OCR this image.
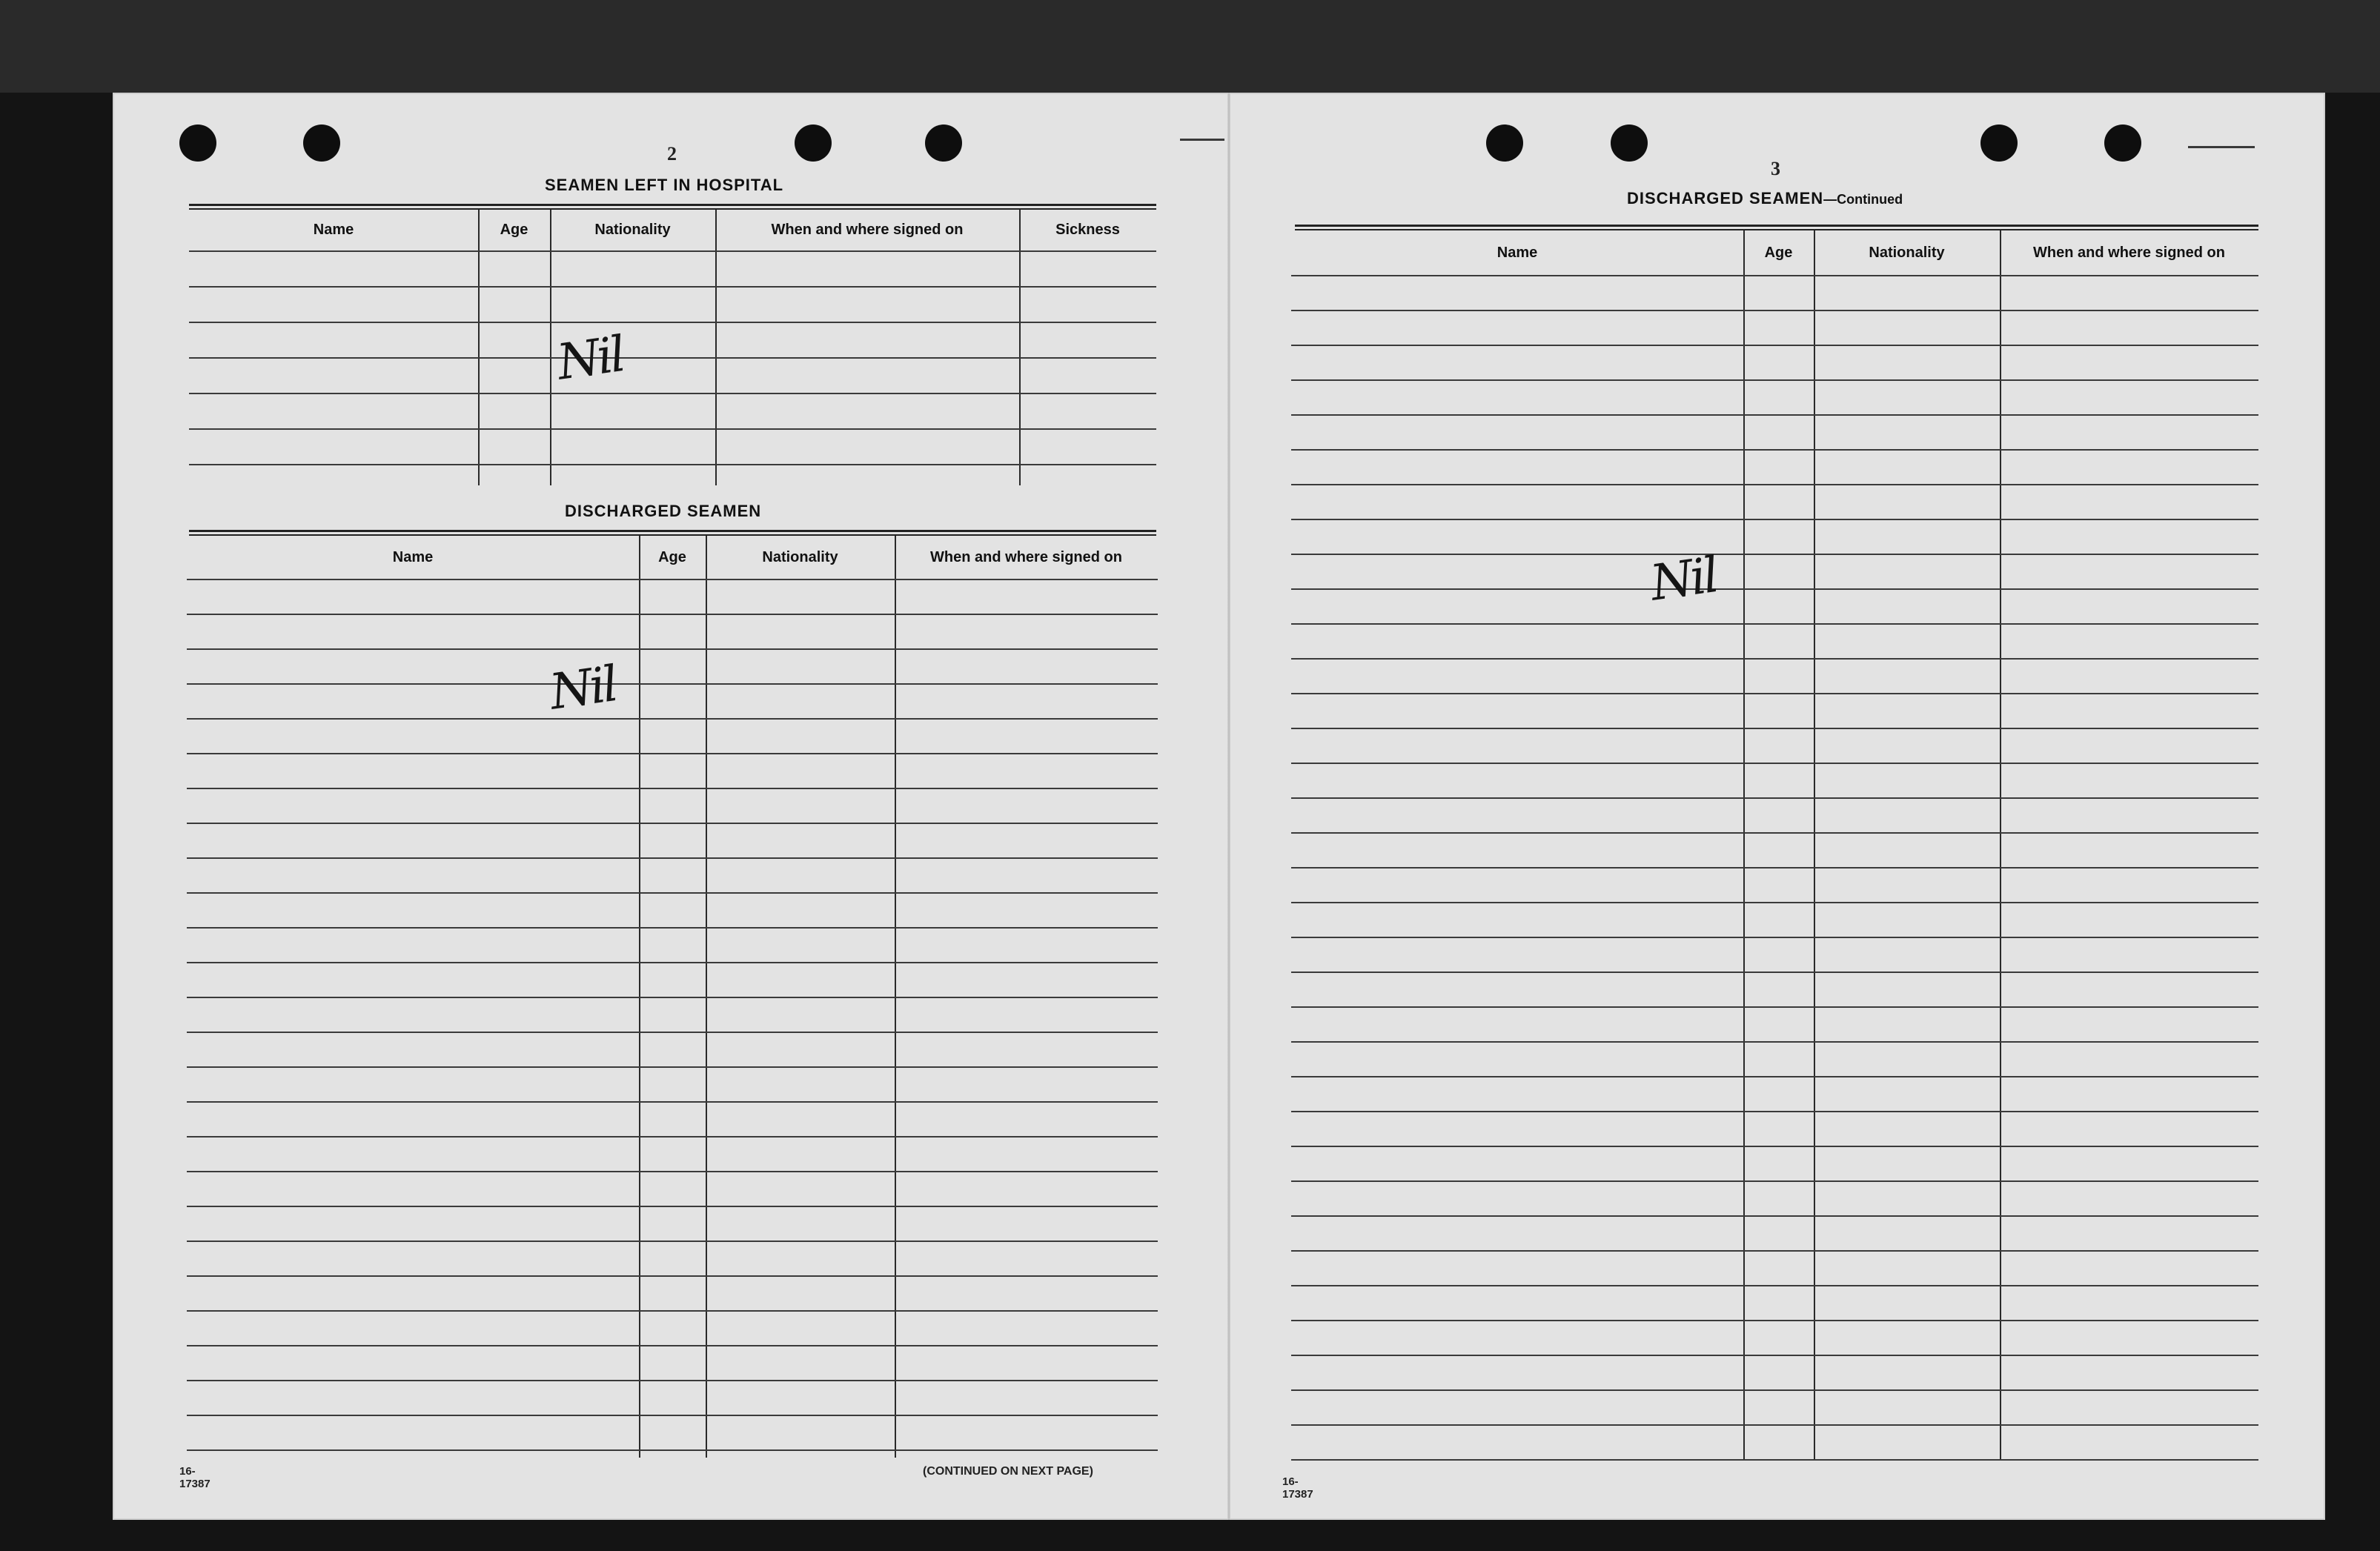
2
SEAMEN LEFT IN HOSPITAL
Name	Age	Nationality	When and where signed on	Sickness
Nil
DISCHARGED SEAMEN
Name	Age	Nationality	When and where signed on
Nil
16-17387
(CONTINUED ON NEXT PAGE)
3
DISCHARGED SEAMEN—Continued
Name	Age	Nationality	When and where signed on
Nil
16-17387
